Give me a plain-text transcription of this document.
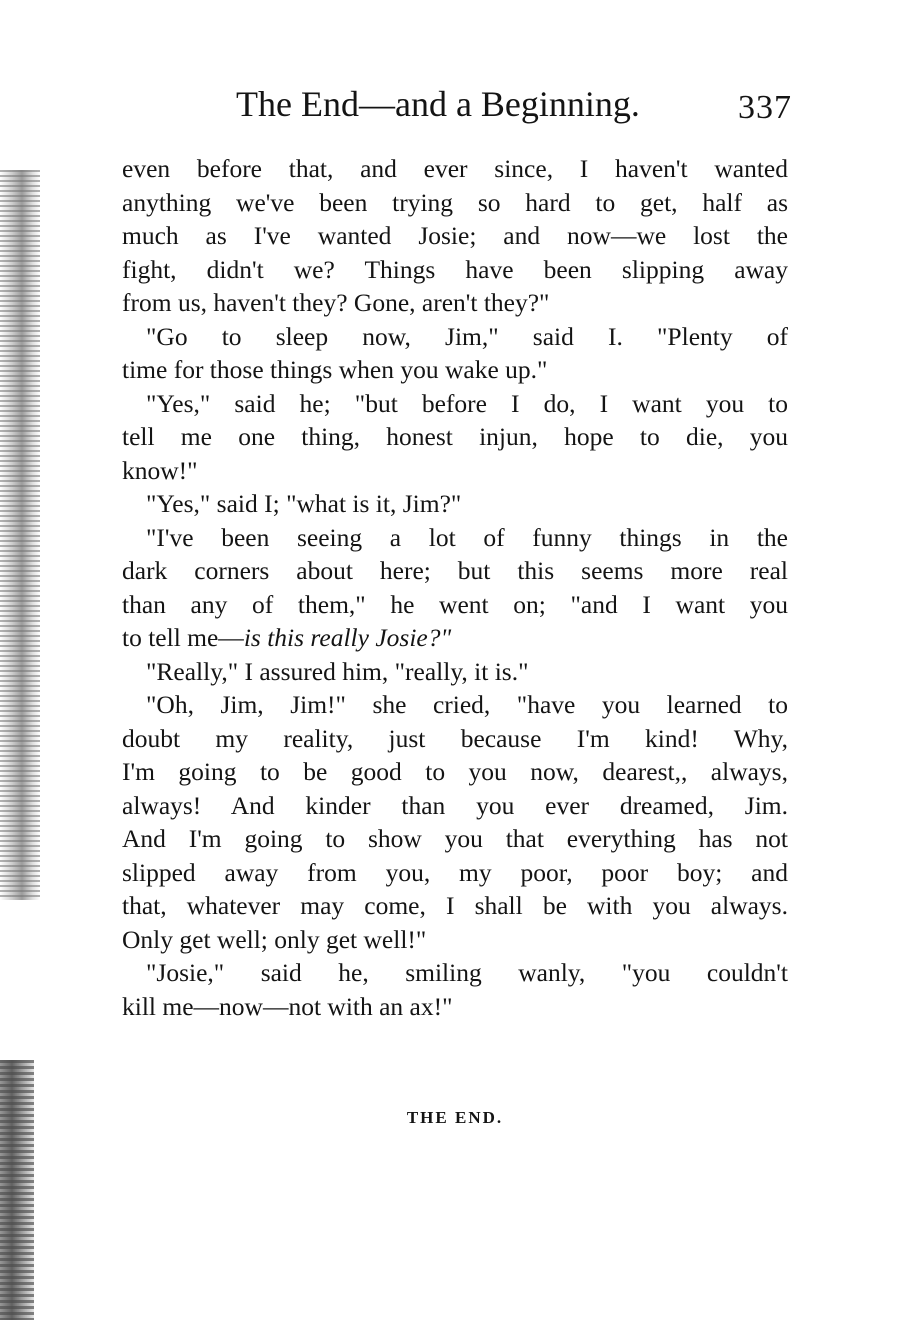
The End—and a Beginning.	337
even before that, and ever since, I haven't wanted
anything we've been trying so hard to get, half as
much as I've wanted Josie; and now—we lost the
fight, didn't we? Things have been slipping away
from us, haven't they? Gone, aren't they?"
"Go to sleep now, Jim," said I. "Plenty of
time for those things when you wake up."
"Yes," said he; "but before I do, I want you to
tell me one thing, honest injun, hope to die, you
know!"
"Yes," said I; "what is it, Jim?"
"I've been seeing a lot of funny things in the
dark corners about here; but this seems more real
than any of them," he went on; "and I want you
to tell me—is this really Josie?"
"Really," I assured him, "really, it is."
"Oh, Jim, Jim!" she cried, "have you learned to
doubt my reality, just because I'm kind! Why,
I'm going to be good to you now, dearest,, always,
always! And kinder than you ever dreamed, Jim.
And I'm going to show you that everything has not
slipped away from you, my poor, poor boy; and
that, whatever may come, I shall be with you always.
Only get well; only get well!"
"Josie," said he, smiling wanly, "you couldn't
kill me—now—not with an ax!"
THE END.
